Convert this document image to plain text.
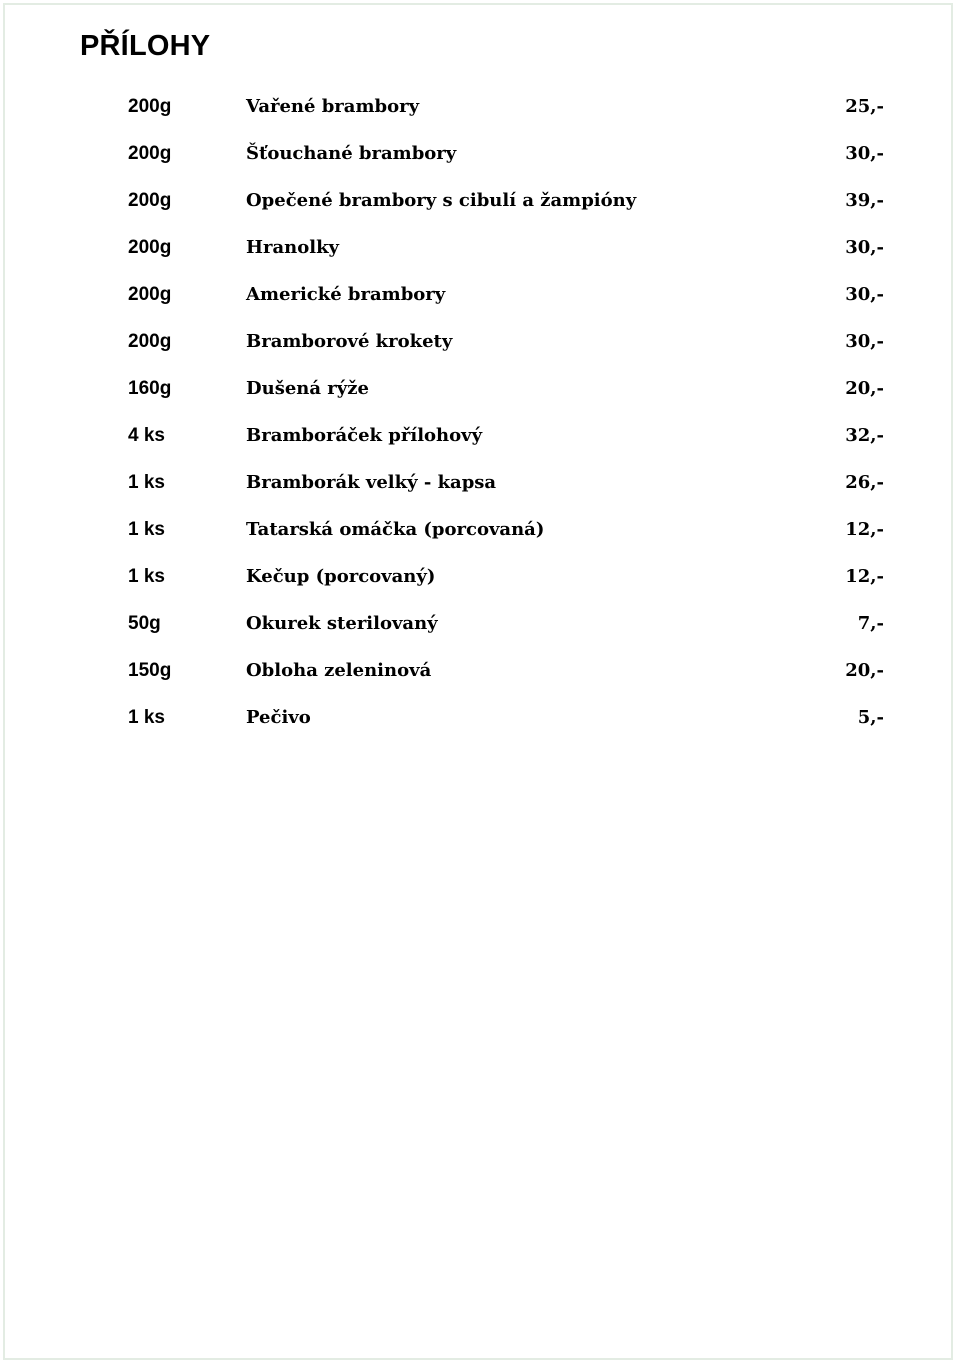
PŘÍLOHY
200g	Vařené brambory	25,-
200g	Šťouchané brambory	30,-
200g	Opečené brambory s cibulí a žampióny	39,-
200g	Hranolky	30,-
200g	Americké brambory	30,-
200g	Bramborové krokety	30,-
160g	Dušená rýže	20,-
4 ks	Bramboráček přílohový	32,-
1 ks	Bramborák velký - kapsa	26,-
1 ks	Tatarská omáčka (porcovaná)	12,-
1 ks	Kečup (porcovaný)	12,-
50g	Okurek sterilovaný	7,-
150g	Obloha zeleninová	20,-
1 ks	Pečivo	5,-
